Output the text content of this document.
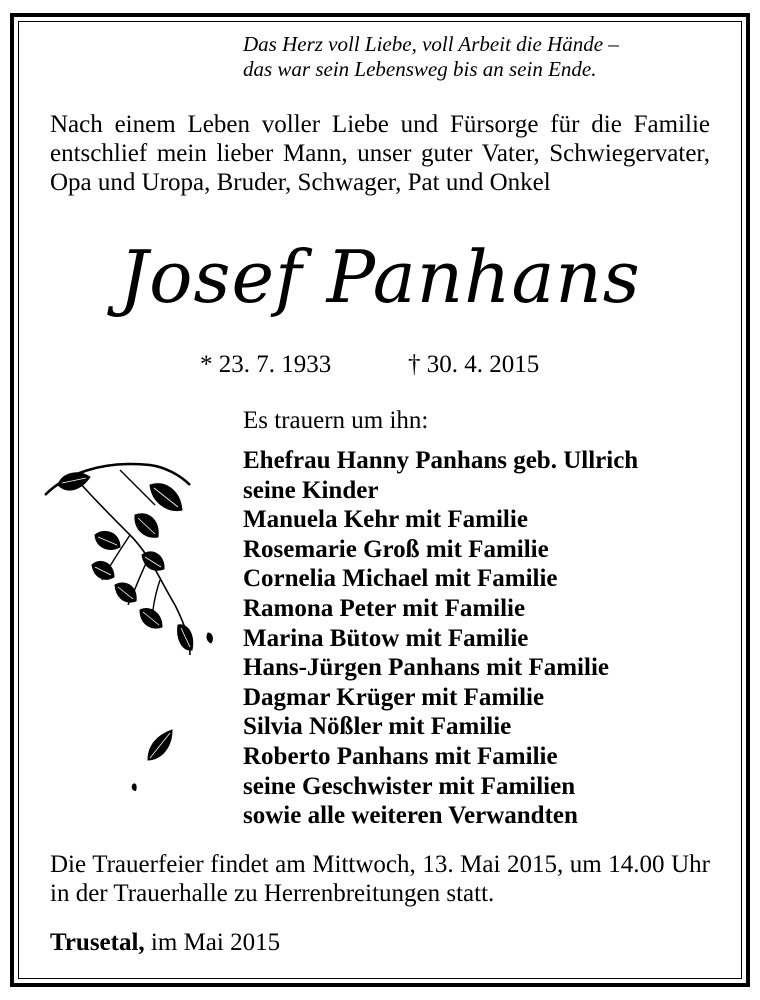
Das Herz voll Liebe, voll Arbeit die Hände –
das war sein Lebensweg bis an sein Ende.
Nach einem Leben voller Liebe und Fürsorge für die Familie entschlief mein lieber Mann, unser guter Vater, Schwiegervater, Opa und Uropa, Bruder, Schwager, Pat und Onkel
Josef Panhans
* 23. 7. 1933	† 30. 4. 2015
Es trauern um ihn:
Ehefrau Hanny Panhans geb. Ullrich
seine Kinder
Manuela Kehr mit Familie
Rosemarie Groß mit Familie
Cornelia Michael mit Familie
Ramona Peter mit Familie
Marina Bütow mit Familie
Hans-Jürgen Panhans mit Familie
Dagmar Krüger mit Familie
Silvia Nößler mit Familie
Roberto Panhans mit Familie
seine Geschwister mit Familien
sowie alle weiteren Verwandten
Die Trauerfeier findet am Mittwoch, 13. Mai 2015, um 14.00 Uhr in der Trauerhalle zu Herrenbreitungen statt.
Trusetal, im Mai 2015
